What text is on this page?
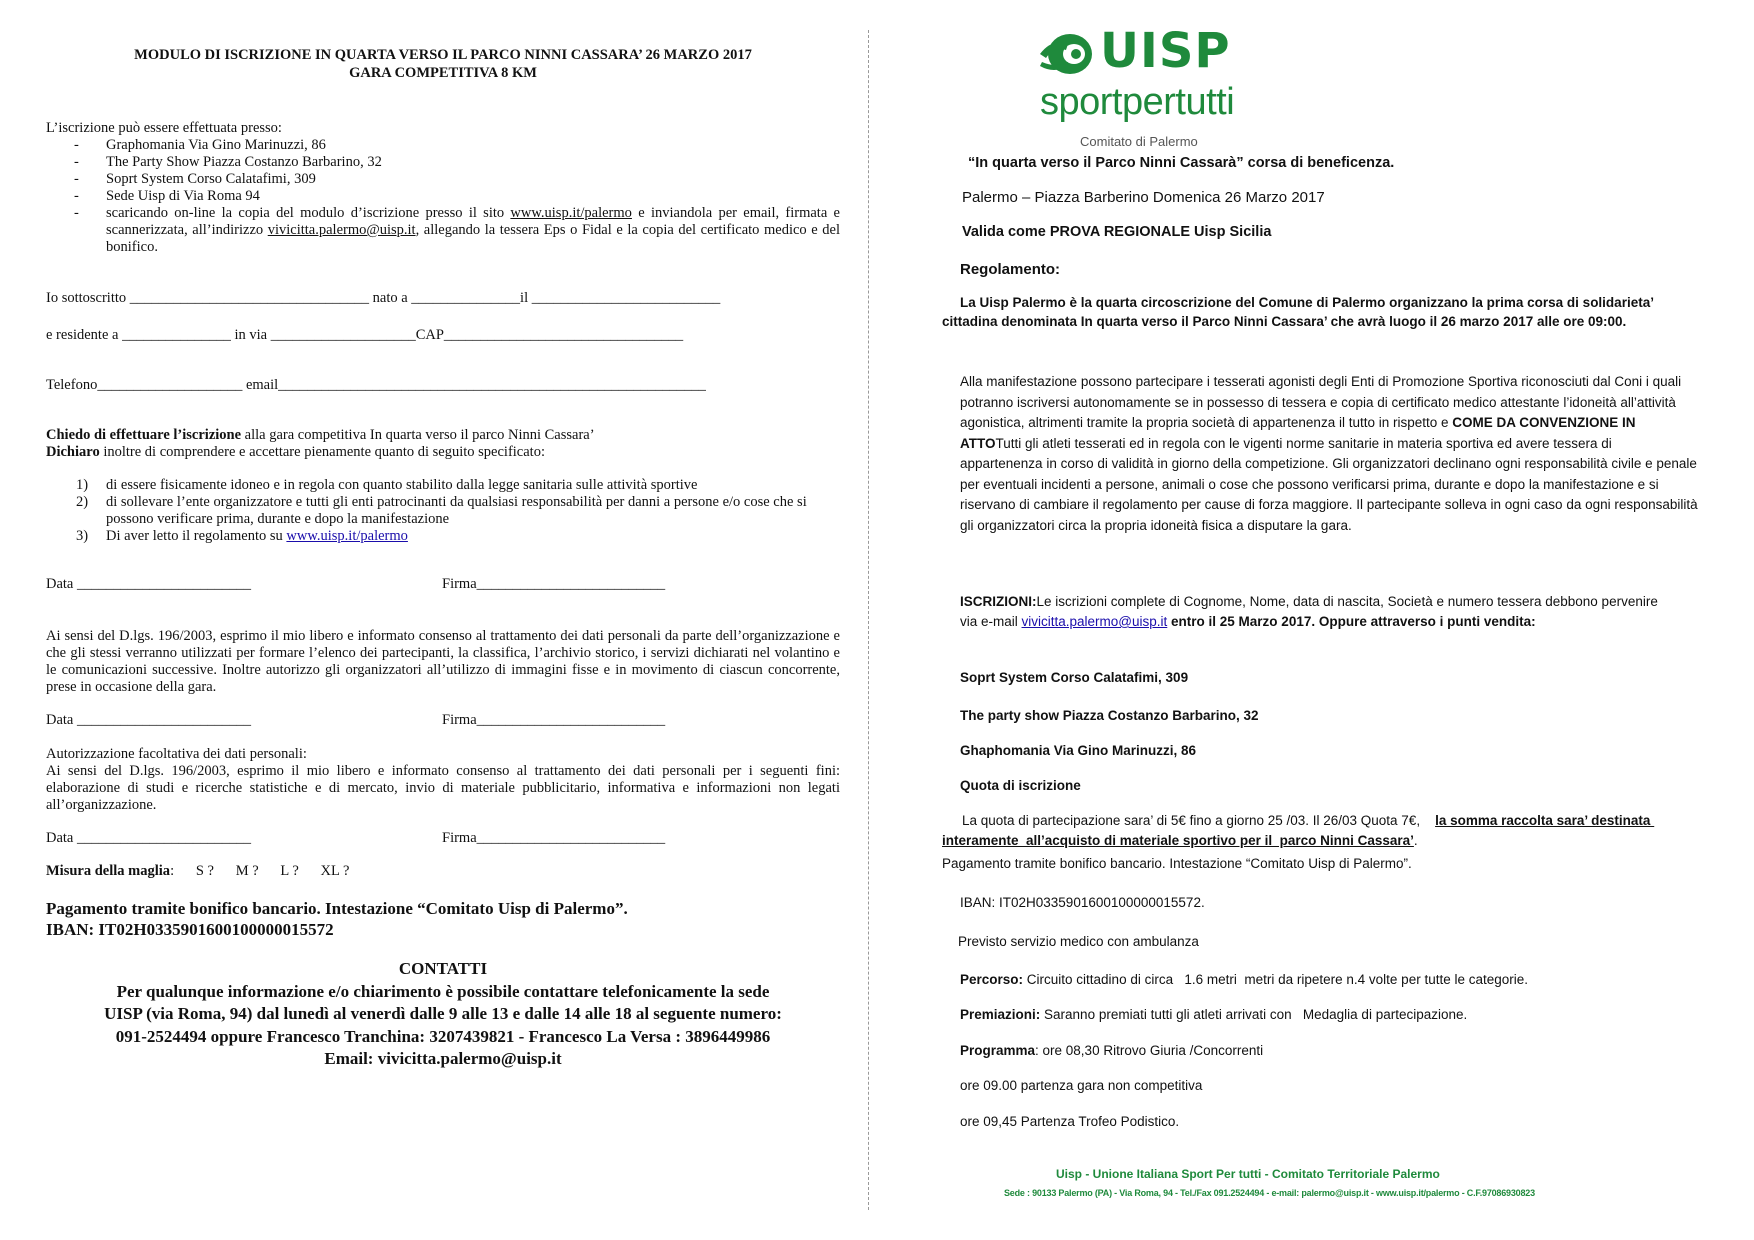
MODULO DI ISCRIZIONE IN QUARTA VERSO IL PARCO NINNI CASSARA’ 26 MARZO 2017
GARA COMPETITIVA 8 KM
L’iscrizione può essere effettuata presso:
- Graphomania Via Gino Marinuzzi, 86
- The Party Show Piazza Costanzo Barbarino, 32
- Soprt System Corso Calatafimi, 309
- Sede Uisp di Via Roma 94
- scaricando on-line la copia del modulo d’iscrizione presso il sito www.uisp.it/palermo e inviandola per email, firmata e scannerizzata, all’indirizzo vivicitta.palermo@uisp.it, allegando la tessera Eps o Fidal e la copia del certificato medico e del bonifico.
Io sottoscritto _________________________________ nato a _______________il __________________________
e residente a _______________ in via ____________________CAP_________________________________
Telefono____________________ email___________________________________________________________
Chiedo di effettuare l’iscrizione alla gara competitiva In quarta verso il parco Ninni Cassara’
Dichiaro inoltre di comprendere e accettare pienamente quanto di seguito specificato:
1) di essere fisicamente idoneo e in regola con quanto stabilito dalla legge sanitaria sulle attività sportive
2) di sollevare l’ente organizzatore e tutti gli enti patrocinanti da qualsiasi responsabilità per danni a persone e/o cose che si possono verificare prima, durante e dopo la manifestazione
3) Di aver letto il regolamento su www.uisp.it/palermo
Data ________________________	Firma__________________________
Ai sensi del D.lgs. 196/2003, esprimo il mio libero e informato consenso al trattamento dei dati personali da parte dell’organizzazione e che gli stessi verranno utilizzati per formare l’elenco dei partecipanti, la classifica, l’archivio storico, i servizi dichiarati nel volantino e le comunicazioni successive. Inoltre autorizzo gli organizzatori all’utilizzo di immagini fisse e in movimento di ciascun concorrente, prese in occasione della gara.
Data ________________________	Firma__________________________
Autorizzazione facoltativa dei dati personali:
Ai sensi del D.lgs. 196/2003, esprimo il mio libero e informato consenso al trattamento dei dati personali per i seguenti fini: elaborazione di studi e ricerche statistiche e di mercato, invio di materiale pubblicitario, informativa e informazioni non legati all’organizzazione.
Data ________________________	Firma__________________________
Misura della maglia:      S ?      M ?      L ?      XL ?
Pagamento tramite bonifico bancario. Intestazione “Comitato Uisp di Palermo”.
IBAN: IT02H0335901600100000015572
CONTATTI
Per qualunque informazione e/o chiarimento è possibile contattare telefonicamente la sede
UISP (via Roma, 94) dal lunedì al venerdì dalle 9 alle 13 e dalle 14 alle 18 al seguente numero:
091-2524494 oppure Francesco Tranchina: 3207439821 - Francesco La Versa : 3896449986
Email: vivicitta.palermo@uisp.it
UISP
sportpertutti
Comitato di Palermo
“In quarta verso il Parco Ninni Cassarà” corsa di beneficenza.
Palermo – Piazza Barberino Domenica 26 Marzo 2017
Valida come PROVA REGIONALE Uisp Sicilia
Regolamento:
La Uisp Palermo è la quarta circoscrizione del Comune di Palermo organizzano la prima corsa di solidarieta’ cittadina denominata In quarta verso il Parco Ninni Cassara’ che avrà luogo il 26 marzo 2017 alle ore 09:00.
Alla manifestazione possono partecipare i tesserati agonisti degli Enti di Promozione Sportiva riconosciuti dal Coni i quali potranno iscriversi autonomamente se in possesso di tessera e copia di certificato medico attestante l’idoneità all’attività agonistica, altrimenti tramite la propria società di appartenenza il tutto in rispetto e COME DA CONVENZIONE IN ATTOTutti gli atleti tesserati ed in regola con le vigenti norme sanitarie in materia sportiva ed avere tessera di appartenenza in corso di validità in giorno della competizione. Gli organizzatori declinano ogni responsabilità civile e penale per eventuali incidenti a persone, animali o cose che possono verificarsi prima, durante e dopo la manifestazione e si riservano di cambiare il regolamento per cause di forza maggiore. Il partecipante solleva in ogni caso da ogni responsabilità gli organizzatori circa la propria idoneità fisica a disputare la gara.
ISCRIZIONI:Le iscrizioni complete di Cognome, Nome, data di nascita, Società e numero tessera debbono pervenire via e-mail vivicitta.palermo@uisp.it entro il 25 Marzo 2017. Oppure attraverso i punti vendita:
Soprt System Corso Calatafimi, 309
The party show Piazza Costanzo Barbarino, 32
Ghaphomania Via Gino Marinuzzi, 86
Quota di iscrizione
La quota di partecipazione sara’ di 5€ fino a giorno 25 /03. Il 26/03 Quota 7€,    la somma raccolta sara’ destinata interamente  all’acquisto di materiale sportivo per il  parco Ninni Cassara’.
Pagamento tramite bonifico bancario. Intestazione “Comitato Uisp di Palermo”.
IBAN: IT02H0335901600100000015572.
Previsto servizio medico con ambulanza
Percorso: Circuito cittadino di circa   1.6 metri  metri da ripetere n.4 volte per tutte le categorie.
Premiazioni: Saranno premiati tutti gli atleti arrivati con   Medaglia di partecipazione.
Programma: ore 08,30 Ritrovo Giuria /Concorrenti
ore 09.00 partenza gara non competitiva
ore 09,45 Partenza Trofeo Podistico.
Uisp - Unione Italiana Sport Per tutti - Comitato Territoriale Palermo
Sede : 90133 Palermo (PA) - Via Roma, 94 - Tel./Fax 091.2524494 - e-mail: palermo@uisp.it - www.uisp.it/palermo - C.F.97086930823
